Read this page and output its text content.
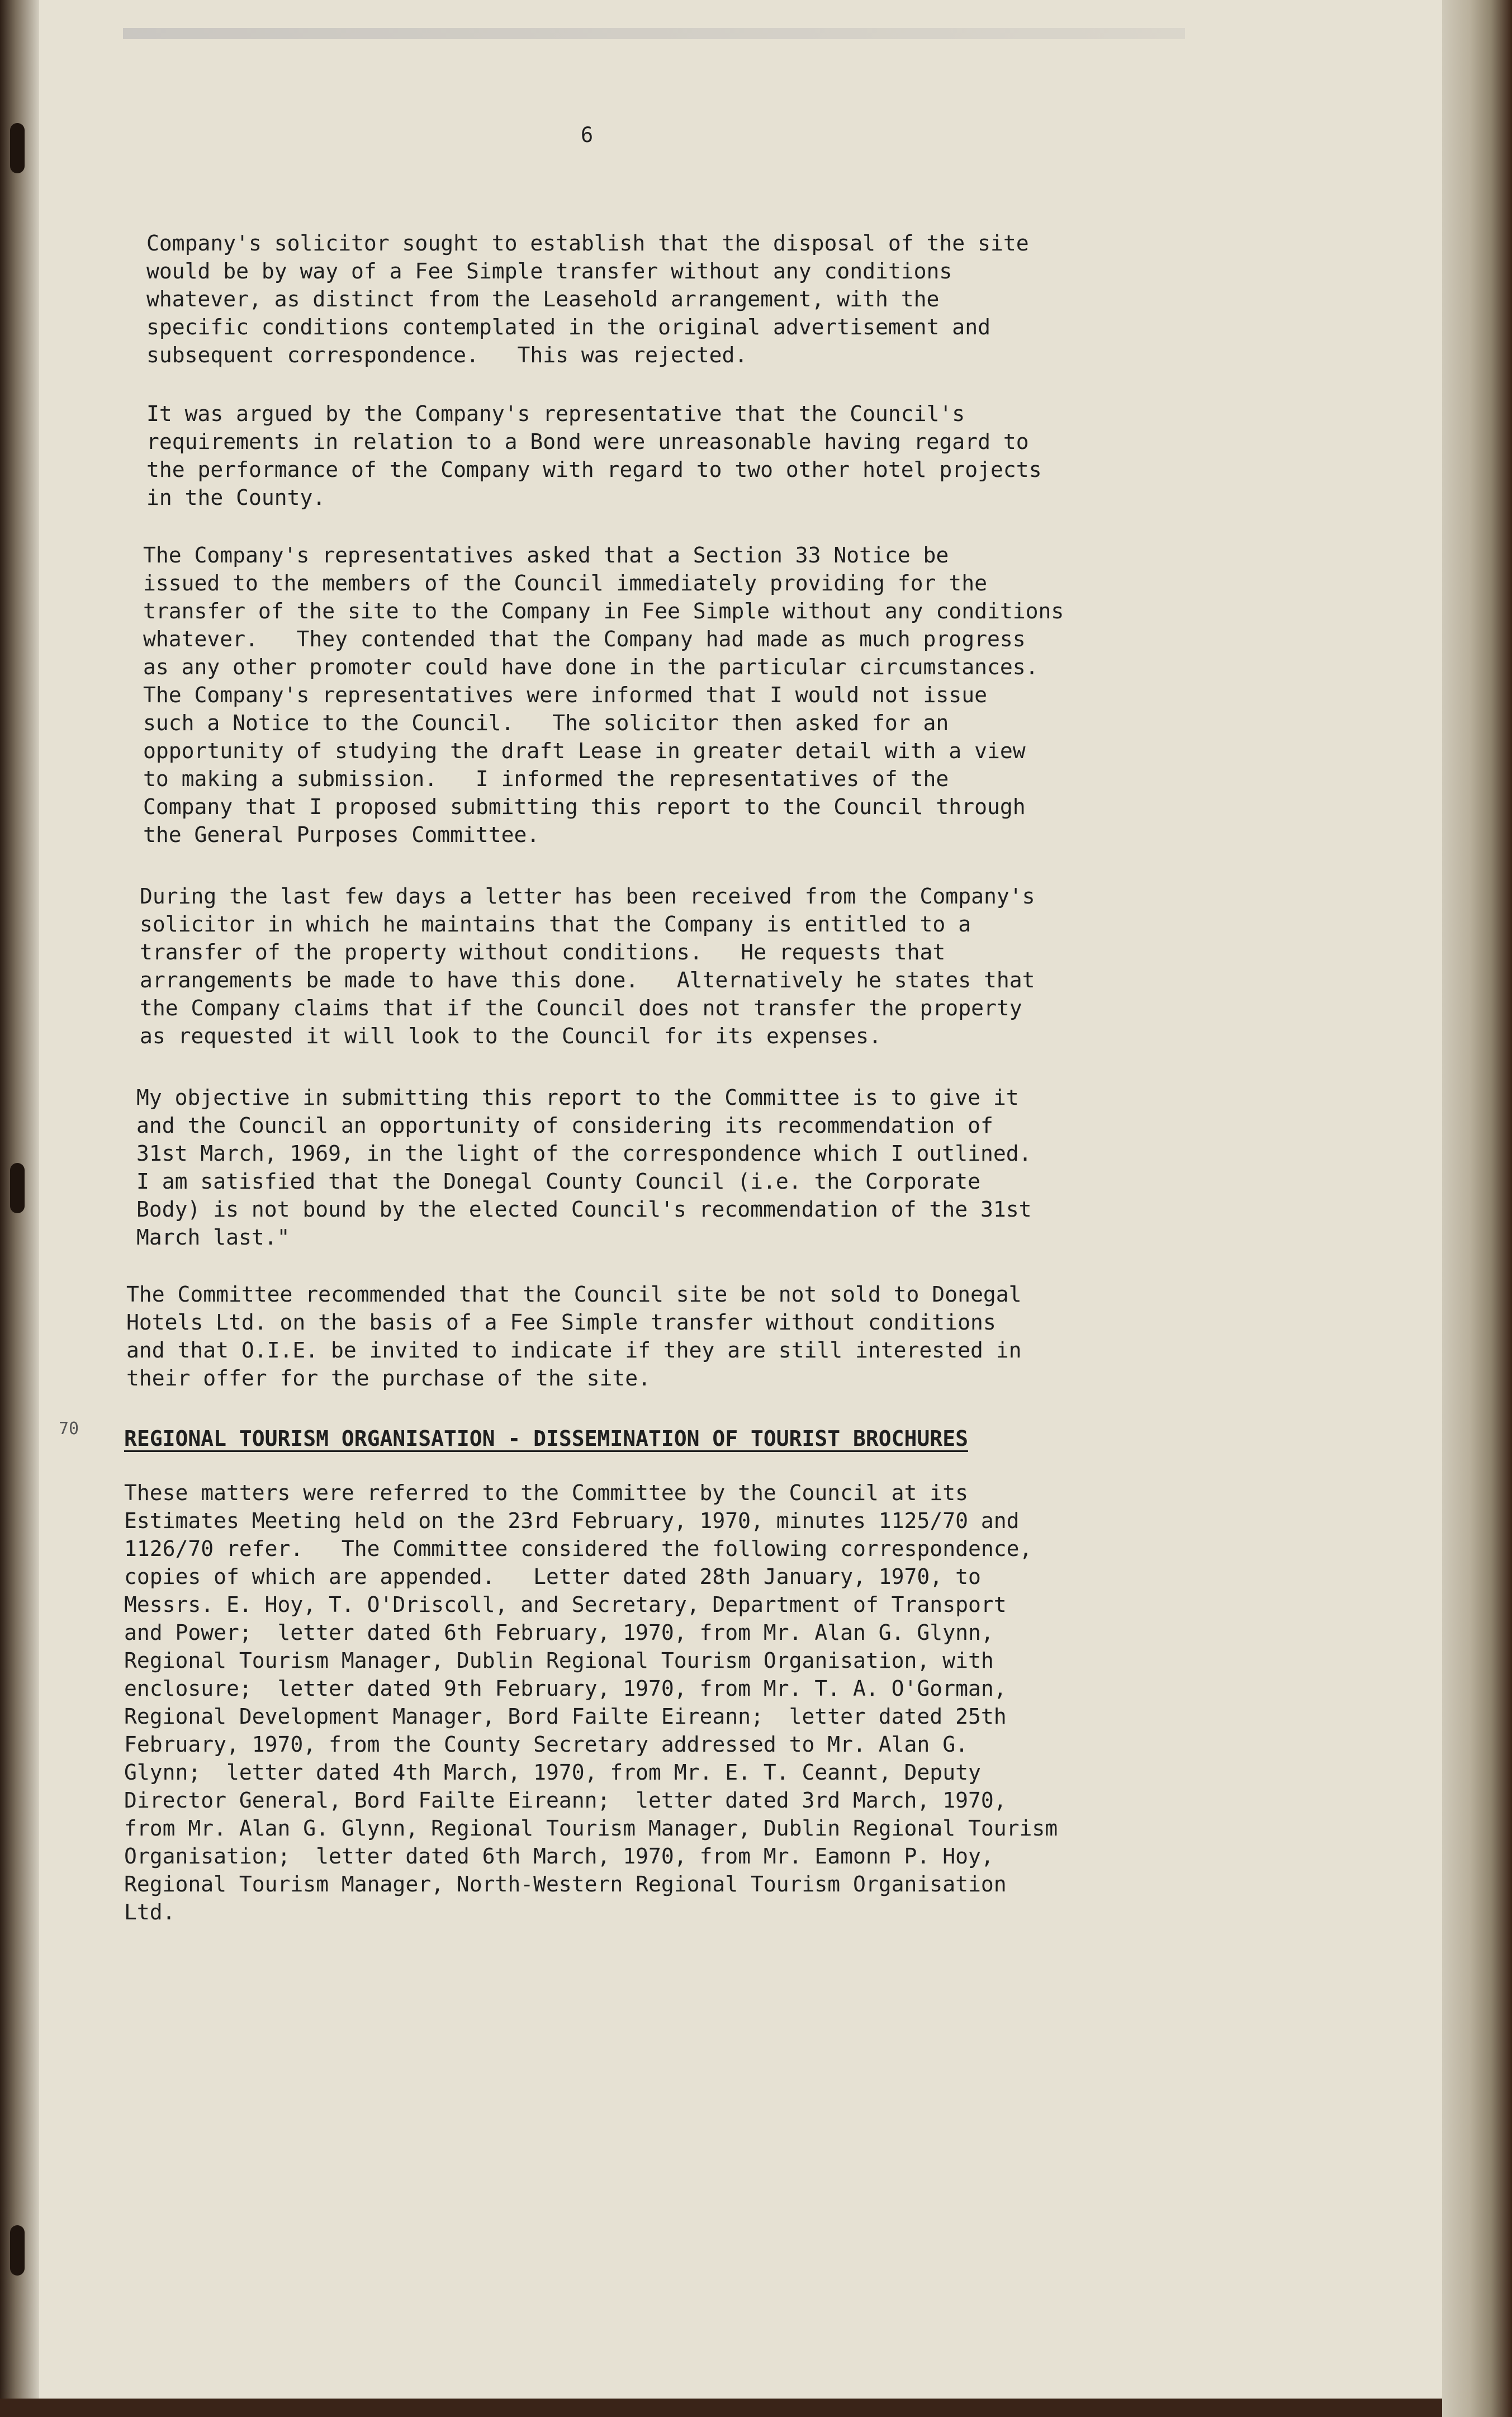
6

Company's solicitor sought to establish that the disposal of the site
would be by way of a Fee Simple transfer without any conditions
whatever, as distinct from the Leasehold arrangement, with the
specific conditions contemplated in the original advertisement and
subsequent correspondence.   This was rejected.

It was argued by the Company's representative that the Council's
requirements in relation to a Bond were unreasonable having regard to
the performance of the Company with regard to two other hotel projects
in the County.

The Company's representatives asked that a Section 33 Notice be
issued to the members of the Council immediately providing for the
transfer of the site to the Company in Fee Simple without any conditions
whatever.   They contended that the Company had made as much progress
as any other promoter could have done in the particular circumstances.
The Company's representatives were informed that I would not issue
such a Notice to the Council.   The solicitor then asked for an
opportunity of studying the draft Lease in greater detail with a view
to making a submission.   I informed the representatives of the
Company that I proposed submitting this report to the Council through
the General Purposes Committee.

During the last few days a letter has been received from the Company's
solicitor in which he maintains that the Company is entitled to a
transfer of the property without conditions.   He requests that
arrangements be made to have this done.   Alternatively he states that
the Company claims that if the Council does not transfer the property
as requested it will look to the Council for its expenses.

My objective in submitting this report to the Committee is to give it
and the Council an opportunity of considering its recommendation of
31st March, 1969, in the light of the correspondence which I outlined.
I am satisfied that the Donegal County Council (i.e. the Corporate
Body) is not bound by the elected Council's recommendation of the 31st
March last."

The Committee recommended that the Council site be not sold to Donegal
Hotels Ltd. on the basis of a Fee Simple transfer without conditions
and that O.I.E. be invited to indicate if they are still interested in
their offer for the purchase of the site.

70 REGIONAL TOURISM ORGANISATION - DISSEMINATION OF TOURIST BROCHURES

These matters were referred to the Committee by the Council at its
Estimates Meeting held on the 23rd February, 1970, minutes 1125/70 and
1126/70 refer.   The Committee considered the following correspondence,
copies of which are appended.   Letter dated 28th January, 1970, to
Messrs. E. Hoy, T. O'Driscoll, and Secretary, Department of Transport
and Power;  letter dated 6th February, 1970, from Mr. Alan G. Glynn,
Regional Tourism Manager, Dublin Regional Tourism Organisation, with
enclosure;  letter dated 9th February, 1970, from Mr. T. A. O'Gorman,
Regional Development Manager, Bord Failte Eireann;  letter dated 25th
February, 1970, from the County Secretary addressed to Mr. Alan G.
Glynn;  letter dated 4th March, 1970, from Mr. E. T. Ceannt, Deputy
Director General, Bord Failte Eireann;  letter dated 3rd March, 1970,
from Mr. Alan G. Glynn, Regional Tourism Manager, Dublin Regional Tourism
Organisation;  letter dated 6th March, 1970, from Mr. Eamonn P. Hoy,
Regional Tourism Manager, North-Western Regional Tourism Organisation
Ltd.
